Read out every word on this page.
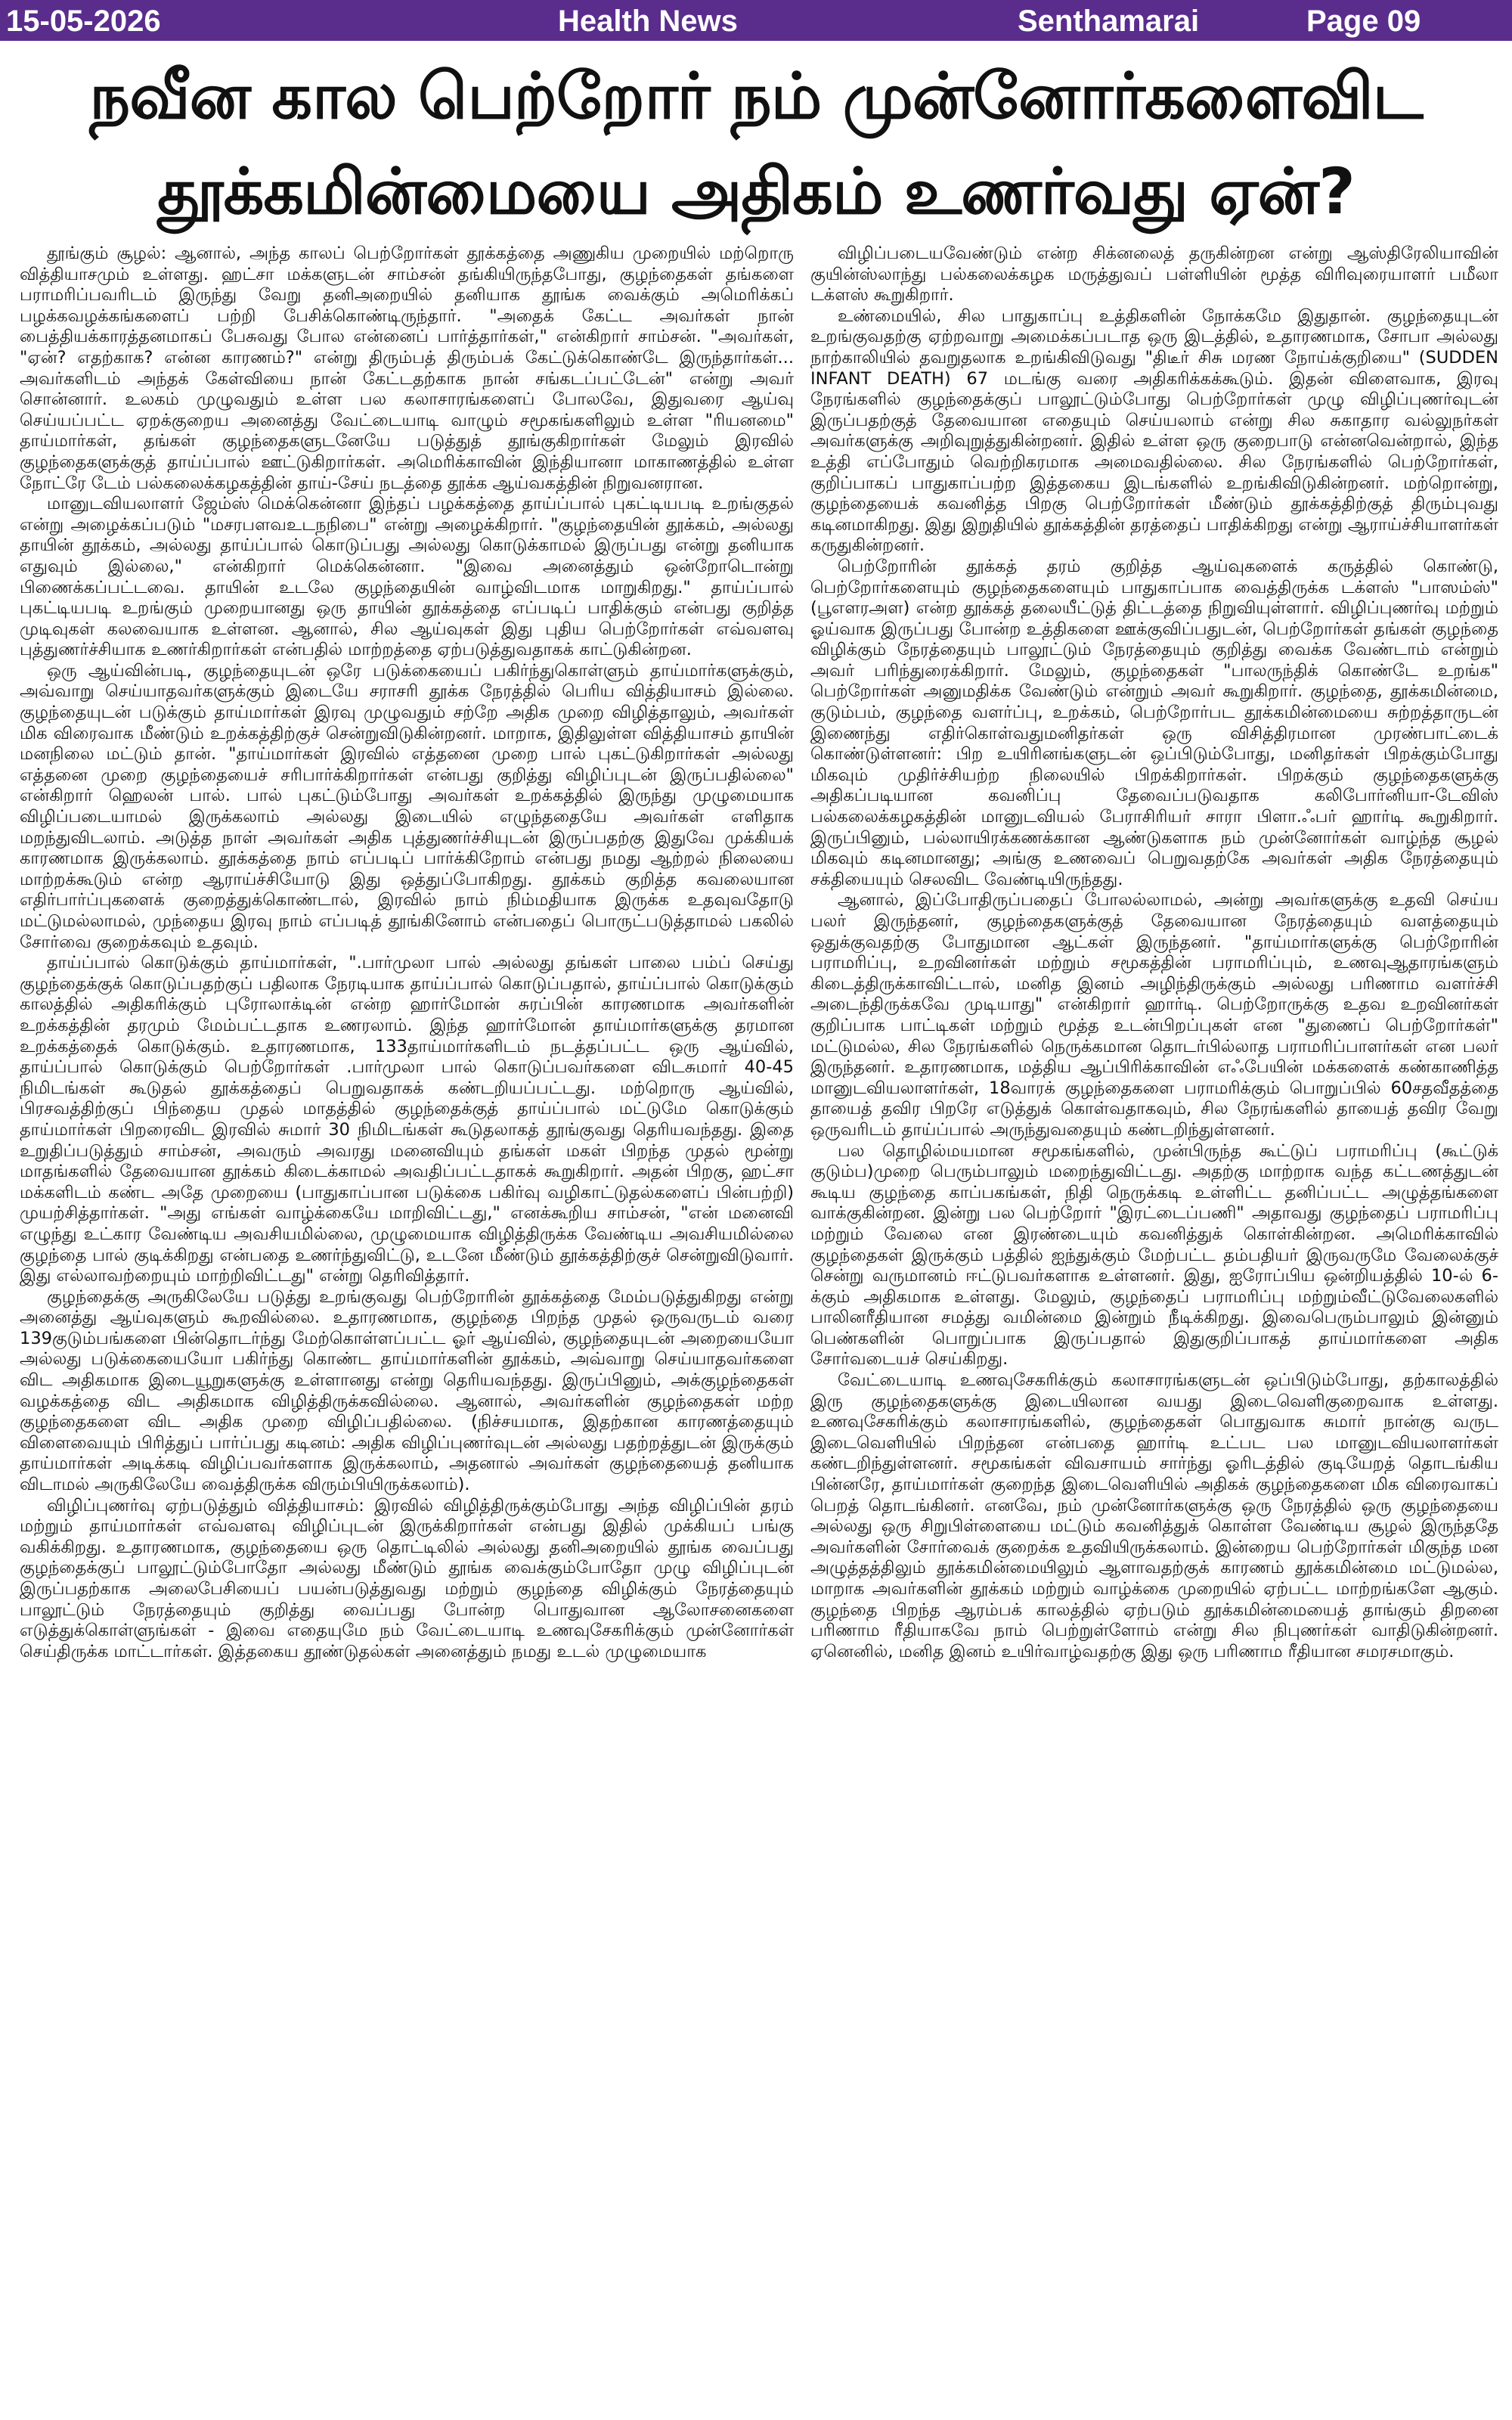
15-05-2026	Health News	Senthamarai	Page 09
நவீன கால பெற்றோர் நம் முன்னோர்களைவிட
தூக்கமின்மையை அதிகம் உணர்வது ஏன்?

தூங்கும் சூழல்: ஆனால், அந்த காலப் பெற்றோர்கள் தூக்கத்தை அணுகிய முறையில் மற்றொரு வித்தியாசமும் உள்ளது. ஹட்சா மக்களுடன் சாம்சன் தங்கியிருந்தபோது, குழந்தைகள் தங்களை பராமரிப்பவரிடம் இருந்து வேறு தனிஅறையில் தனியாக தூங்க வைக்கும் அமெரிக்கப் பழக்கவழக்கங்களைப் பற்றி பேசிக்கொண்டிருந்தார். "அதைக் கேட்ட அவர்கள் நான் பைத்தியக்காரத்தனமாகப் பேசுவது போல என்னைப் பார்த்தார்கள்," என்கிறார் சாம்சன். "அவர்கள், "ஏன்? எதற்காக? என்ன காரணம்?" என்று திரும்பத் திரும்பக் கேட்டுக்கொண்டே இருந்தார்கள்... அவர்களிடம் அந்தக் கேள்வியை நான் கேட்டதற்காக நான் சங்கடப்பட்டேன்" என்று அவர் சொன்னார். உலகம் முழுவதும் உள்ள பல கலாசாரங்களைப் போலவே, இதுவரை ஆய்வு செய்யப்பட்ட ஏறக்குறைய அனைத்து வேட்டையாடி வாழும் சமூகங்களிலும் உள்ள "ரியனமை" தாய்மார்கள், தங்கள் குழந்தைகளுடனேயே படுத்துத் தூங்குகிறார்கள் மேலும் இரவில் குழந்தைகளுக்குத் தாய்ப்பால் ஊட்டுகிறார்கள். அமெரிக்காவின் இந்தியானா மாகாணத்தில் உள்ள நோட்ரே டேம் பல்கலைக்கழகத்தின் தாய்-சேய் நடத்தை தூக்க ஆய்வகத்தின் நிறுவனரான.

மானுடவியலாளர் ஜேம்ஸ் மெக்கென்னா இந்தப் பழக்கத்தை தாய்ப்பால் புகட்டியபடி உறங்குதல் என்று அழைக்கப்படும் "மசரபளவஉடநநிபை" என்று அழைக்கிறார். "குழந்தையின் தூக்கம், அல்லது தாயின் தூக்கம், அல்லது தாய்ப்பால் கொடுப்பது அல்லது கொடுக்காமல் இருப்பது என்று தனியாக எதுவும் இல்லை," என்கிறார் மெக்கென்னா. "இவை அனைத்தும் ஒன்றோடொன்று பிணைக்கப்பட்டவை. தாயின் உடலே குழந்தையின் வாழ்விடமாக மாறுகிறது." தாய்ப்பால் புகட்டியபடி உறங்கும் முறையானது ஒரு தாயின் தூக்கத்தை எப்படிப் பாதிக்கும் என்பது குறித்த முடிவுகள் கலவையாக உள்ளன. ஆனால், சில ஆய்வுகள் இது புதிய பெற்றோர்கள் எவ்வளவு புத்துணர்ச்சியாக உணர்கிறார்கள் என்பதில் மாற்றத்தை ஏற்படுத்துவதாகக் காட்டுகின்றன.

ஒரு ஆய்வின்படி, குழந்தையுடன் ஒரே படுக்கையைப் பகிர்ந்துகொள்ளும் தாய்மார்களுக்கும், அவ்வாறு செய்யாதவர்களுக்கும் இடையே சராசரி தூக்க நேரத்தில் பெரிய வித்தியாசம் இல்லை. குழந்தையுடன் படுக்கும் தாய்மார்கள் இரவு முழுவதும் சற்றே அதிக முறை விழித்தாலும், அவர்கள் மிக விரைவாக மீண்டும் உறக்கத்திற்குச் சென்றுவிடுகின்றனர். மாறாக, இதிலுள்ள வித்தியாசம் தாயின் மனநிலை மட்டும் தான். "தாய்மார்கள் இரவில் எத்தனை முறை பால் புகட்டுகிறார்கள் அல்லது எத்தனை முறை குழந்தையைச் சரிபார்க்கிறார்கள் என்பது குறித்து விழிப்புடன் இருப்பதில்லை" என்கிறார் ஹெலன் பால். பால் புகட்டும்போது அவர்கள் உறக்கத்தில் இருந்து முழுமையாக விழிப்படையாமல் இருக்கலாம் அல்லது இடையில் எழுந்ததையே அவர்கள் எளிதாக மறந்துவிடலாம். அடுத்த நாள் அவர்கள் அதிக புத்துணர்ச்சியுடன் இருப்பதற்கு இதுவே முக்கியக் காரணமாக இருக்கலாம். தூக்கத்தை நாம் எப்படிப் பார்க்கிறோம் என்பது நமது ஆற்றல் நிலையை மாற்றக்கூடும் என்ற ஆராய்ச்சியோடு இது ஒத்துப்போகிறது. தூக்கம் குறித்த கவலையான எதிர்பார்ப்புகளைக் குறைத்துக்கொண்டால், இரவில் நாம் நிம்மதியாக இருக்க உதவுவதோடு மட்டுமல்லாமல், முந்தைய இரவு நாம் எப்படித் தூங்கினோம் என்பதைப் பொருட்படுத்தாமல் பகலில் சோர்வை குறைக்கவும் உதவும்.

தாய்ப்பால் கொடுக்கும் தாய்மார்கள், ".பார்முலா பால் அல்லது தங்கள் பாலை பம்ப் செய்து குழந்தைக்குக் கொடுப்பதற்குப் பதிலாக நேரடியாக தாய்ப்பால் கொடுப்பதால், தாய்ப்பால் கொடுக்கும் காலத்தில் அதிகரிக்கும் புரோலாக்டின் என்ற ஹார்மோன் சுரப்பின் காரணமாக அவர்களின் உறக்கத்தின் தரமும் மேம்பட்டதாக உணரலாம். இந்த ஹார்மோன் தாய்மார்களுக்கு தரமான உறக்கத்தைக் கொடுக்கும். உதாரணமாக, 133தாய்மார்களிடம் நடத்தப்பட்ட ஒரு ஆய்வில், தாய்ப்பால் கொடுக்கும் பெற்றோர்கள் .பார்முலா பால் கொடுப்பவர்களை விடசுமார் 40-45 நிமிடங்கள் கூடுதல் தூக்கத்தைப் பெறுவதாகக் கண்டறியப்பட்டது. மற்றொரு ஆய்வில், பிரசவத்திற்குப் பிந்தைய முதல் மாதத்தில் குழந்தைக்குத் தாய்ப்பால் மட்டுமே கொடுக்கும் தாய்மார்கள் பிறரைவிட இரவில் சுமார் 30 நிமிடங்கள் கூடுதலாகத் தூங்குவது தெரியவந்தது. இதை உறுதிப்படுத்தும் சாம்சன், அவரும் அவரது மனைவியும் தங்கள் மகள் பிறந்த முதல் மூன்று மாதங்களில் தேவையான தூக்கம் கிடைக்காமல் அவதிப்பட்டதாகக் கூறுகிறார். அதன் பிறகு, ஹட்சா மக்களிடம் கண்ட அதே முறையை (பாதுகாப்பான படுக்கை பகிர்வு வழிகாட்டுதல்களைப் பின்பற்றி) முயற்சித்தார்கள். "அது எங்கள் வாழ்க்கையே மாறிவிட்டது," எனக்கூறிய சாம்சன், "என் மனைவி எழுந்து உட்கார வேண்டிய அவசியமில்லை, முழுமையாக விழித்திருக்க வேண்டிய அவசியமில்லை குழந்தை பால் குடிக்கிறது என்பதை உணர்ந்துவிட்டு, உடனே மீண்டும் தூக்கத்திற்குச் சென்றுவிடுவார். இது எல்லாவற்றையும் மாற்றிவிட்டது" என்று தெரிவித்தார்.

குழந்தைக்கு அருகிலேயே படுத்து உறங்குவது பெற்றோரின் தூக்கத்தை மேம்படுத்துகிறது என்று அனைத்து ஆய்வுகளும் கூறவில்லை. உதாரணமாக, குழந்தை பிறந்த முதல் ஒருவருடம் வரை 139குடும்பங்களை பின்தொடர்ந்து மேற்கொள்ளப்பட்ட ஓர் ஆய்வில், குழந்தையுடன் அறையையோ அல்லது படுக்கையையோ பகிர்ந்து கொண்ட தாய்மார்களின் தூக்கம், அவ்வாறு செய்யாதவர்களை விட அதிகமாக இடையூறுகளுக்கு உள்ளானது என்று தெரியவந்தது. இருப்பினும், அக்குழந்தைகள் வழக்கத்தை விட அதிகமாக விழித்திருக்கவில்லை. ஆனால், அவர்களின் குழந்தைகள் மற்ற குழந்தைகளை விட அதிக முறை விழிப்பதில்லை. (நிச்சயமாக, இதற்கான காரணத்தையும் விளைவையும் பிரித்துப் பார்ப்பது கடினம்: அதிக விழிப்புணர்வுடன் அல்லது பதற்றத்துடன் இருக்கும் தாய்மார்கள் அடிக்கடி விழிப்பவர்களாக இருக்கலாம், அதனால் அவர்கள் குழந்தையைத் தனியாக விடாமல் அருகிலேயே வைத்திருக்க விரும்பியிருக்கலாம்).

விழிப்புணர்வு ஏற்படுத்தும் வித்தியாசம்: இரவில் விழித்திருக்கும்போது அந்த விழிப்பின் தரம் மற்றும் தாய்மார்கள் எவ்வளவு விழிப்புடன் இருக்கிறார்கள் என்பது இதில் முக்கியப் பங்கு வகிக்கிறது. உதாரணமாக, குழந்தையை ஒரு தொட்டிலில் அல்லது தனிஅறையில் தூங்க வைப்பது குழந்தைக்குப் பாலூட்டும்போதோ அல்லது மீண்டும் தூங்க வைக்கும்போதோ முழு விழிப்புடன் இருப்பதற்காக அலைபேசியைப் பயன்படுத்துவது மற்றும் குழந்தை விழிக்கும் நேரத்தையும் பாலூட்டும் நேரத்தையும் குறித்து வைப்பது போன்ற பொதுவான ஆலோசனைகளை எடுத்துக்கொள்ளுங்கள் - இவை எதையுமே நம் வேட்டையாடி உணவுசேகரிக்கும் முன்னோர்கள் செய்திருக்க மாட்டார்கள். இத்தகைய தூண்டுதல்கள் அனைத்தும் நமது உடல் முழுமையாக

விழிப்படையவேண்டும் என்ற சிக்னலைத் தருகின்றன என்று ஆஸ்திரேலியாவின் குயின்ஸ்லாந்து பல்கலைக்கழக மருத்துவப் பள்ளியின் மூத்த விரிவுரையாளர் பமீலா டக்ளஸ் கூறுகிறார்.

உண்மையில், சில பாதுகாப்பு உத்திகளின் நோக்கமே இதுதான். குழந்தையுடன் உறங்குவதற்கு ஏற்றவாறு அமைக்கப்படாத ஒரு இடத்தில், உதாரணமாக, சோபா அல்லது நாற்காலியில் தவறுதலாக உறங்கிவிடுவது "திடீர் சிசு மரண நோய்க்குறியை" (SUDDEN INFANT DEATH) 67 மடங்கு வரை அதிகரிக்கக்கூடும். இதன் விளைவாக, இரவு நேரங்களில் குழந்தைக்குப் பாலூட்டும்போது பெற்றோர்கள் முழு விழிப்புணர்வுடன் இருப்பதற்குத் தேவையான எதையும் செய்யலாம் என்று சில சுகாதார வல்லுநர்கள் அவர்களுக்கு அறிவுறுத்துகின்றனர். இதில் உள்ள ஒரு குறைபாடு என்னவென்றால், இந்த உத்தி எப்போதும் வெற்றிகரமாக அமைவதில்லை. சில நேரங்களில் பெற்றோர்கள், குறிப்பாகப் பாதுகாப்பற்ற இத்தகைய இடங்களில் உறங்கிவிடுகின்றனர். மற்றொன்று, குழந்தையைக் கவனித்த பிறகு பெற்றோர்கள் மீண்டும் தூக்கத்திற்குத் திரும்புவது கடினமாகிறது. இது இறுதியில் தூக்கத்தின் தரத்தைப் பாதிக்கிறது என்று ஆராய்ச்சியாளர்கள் கருதுகின்றனர்.

பெற்றோரின் தூக்கத் தரம் குறித்த ஆய்வுகளைக் கருத்தில் கொண்டு, பெற்றோர்களையும் குழந்தைகளையும் பாதுகாப்பாக வைத்திருக்க டக்ளஸ் "பாஸம்ஸ்" (பூஎளரஅள) என்ற தூக்கத் தலையீட்டுத் திட்டத்தை நிறுவியுள்ளார். விழிப்புணர்வு மற்றும் ஓய்வாக இருப்பது போன்ற உத்திகளை ஊக்குவிப்பதுடன், பெற்றோர்கள் தங்கள் குழந்தை விழிக்கும் நேரத்தையும் பாலூட்டும் நேரத்தையும் குறித்து வைக்க வேண்டாம் என்றும் அவர் பரிந்துரைக்கிறார். மேலும், குழந்தைகள் "பாலருந்திக் கொண்டே உறங்க" பெற்றோர்கள் அனுமதிக்க வேண்டும் என்றும் அவர் கூறுகிறார். குழந்தை, தூக்கமின்மை, குடும்பம், குழந்தை வளர்ப்பு, உறக்கம், பெற்றோர்பட தூக்கமின்மையை சுற்றத்தாருடன் இணைந்து எதிர்கொள்வதுமனிதர்கள் ஒரு விசித்திரமான முரண்பாட்டைக் கொண்டுள்ளனர்: பிற உயிரினங்களுடன் ஒப்பிடும்போது, மனிதர்கள் பிறக்கும்போது மிகவும் முதிர்ச்சியற்ற நிலையில் பிறக்கிறார்கள். பிறக்கும் குழந்தைகளுக்கு அதிகப்படியான கவனிப்பு தேவைப்படுவதாக கலிபோர்னியா-டேவிஸ் பல்கலைக்கழகத்தின் மானுடவியல் பேராசிரியர் சாரா பிளா.ஃபர் ஹார்டி கூறுகிறார். இருப்பினும், பல்லாயிரக்கணக்கான ஆண்டுகளாக நம் முன்னோர்கள் வாழ்ந்த சூழல் மிகவும் கடினமானது; அங்கு உணவைப் பெறுவதற்கே அவர்கள் அதிக நேரத்தையும் சக்தியையும் செலவிட வேண்டியிருந்தது.

ஆனால், இப்போதிருப்பதைப் போலல்லாமல், அன்று அவர்களுக்கு உதவி செய்ய பலர் இருந்தனர், குழந்தைகளுக்குத் தேவையான நேரத்தையும் வளத்தையும் ஒதுக்குவதற்கு போதுமான ஆட்கள் இருந்தனர். "தாய்மார்களுக்கு பெற்றோரின் பராமரிப்பு, உறவினர்கள் மற்றும் சமூகத்தின் பராமரிப்பும், உணவுஆதாரங்களும் கிடைத்திருக்காவிட்டால், மனித இனம் அழிந்திருக்கும் அல்லது பரிணாம வளர்ச்சி அடைந்திருக்கவே முடியாது" என்கிறார் ஹார்டி. பெற்றோருக்கு உதவ உறவினர்கள் குறிப்பாக பாட்டிகள் மற்றும் மூத்த உடன்பிறப்புகள் என "துணைப் பெற்றோர்கள்" மட்டுமல்ல, சில நேரங்களில் நெருக்கமான தொடர்பில்லாத பராமரிப்பாளர்கள் என பலர் இருந்தனர். உதாரணமாக, மத்திய ஆப்பிரிக்காவின் எஃபேயின் மக்களைக் கண்காணித்த மானுடவியலாளர்கள், 18வாரக் குழந்தைகளை பராமரிக்கும் பொறுப்பில் 60சதவீதத்தை தாயைத் தவிர பிறரே எடுத்துக் கொள்வதாகவும், சில நேரங்களில் தாயைத் தவிர வேறு ஒருவரிடம் தாய்ப்பால் அருந்துவதையும் கண்டறிந்துள்ளனர்.

பல தொழில்மயமான சமூகங்களில், முன்பிருந்த கூட்டுப் பராமரிப்பு (கூட்டுக் குடும்ப)முறை பெரும்பாலும் மறைந்துவிட்டது. அதற்கு மாற்றாக வந்த கட்டணத்துடன் கூடிய குழந்தை காப்பகங்கள், நிதி நெருக்கடி உள்ளிட்ட தனிப்பட்ட அழுத்தங்களை வாக்குகின்றன. இன்று பல பெற்றோர் "இரட்டைப்பணி" அதாவது குழந்தைப் பராமரிப்பு மற்றும் வேலை என இரண்டையும் கவனித்துக் கொள்கின்றன. அமெரிக்காவில் குழந்தைகள் இருக்கும் பத்தில் ஐந்துக்கும் மேற்பட்ட தம்பதியர் இருவருமே வேலைக்குச் சென்று வருமானம் ஈட்டுபவர்களாக உள்ளனர். இது, ஐரோப்பிய ஒன்றியத்தில் 10-ல் 6-க்கும் அதிகமாக உள்ளது. மேலும், குழந்தைப் பராமரிப்பு மற்றும்வீட்டுவேலைகளில் பாலினரீதியான சமத்து வமின்மை இன்றும் நீடிக்கிறது. இவைபெரும்பாலும் இன்னும் பெண்களின் பொறுப்பாக இருப்பதால் இதுகுறிப்பாகத் தாய்மார்களை அதிக சோர்வடையச் செய்கிறது.

வேட்டையாடி உணவுசேகரிக்கும் கலாசாரங்களுடன் ஒப்பிடும்போது, தற்காலத்தில் இரு குழந்தைகளுக்கு இடையிலான வயது இடைவெளிகுறைவாக உள்ளது. உணவுசேகரிக்கும் கலாசாரங்களில், குழந்தைகள் பொதுவாக சுமார் நான்கு வருட இடைவெளியில் பிறந்தன என்பதை ஹார்டி உட்பட பல மானுடவியலாளர்கள் கண்டறிந்துள்ளனர். சமூகங்கள் விவசாயம் சார்ந்து ஓரிடத்தில் குடியேறத் தொடங்கிய பின்னரே, தாய்மார்கள் குறைந்த இடைவெளியில் அதிகக் குழந்தைகளை மிக விரைவாகப் பெறத் தொடங்கினர். எனவே, நம் முன்னோர்களுக்கு ஒரு நேரத்தில் ஒரு குழந்தையை அல்லது ஒரு சிறுபிள்ளையை மட்டும் கவனித்துக் கொள்ள வேண்டிய சூழல் இருந்ததே அவர்களின் சோர்வைக் குறைக்க உதவியிருக்கலாம். இன்றைய பெற்றோர்கள் மிகுந்த மன அழுத்தத்திலும் தூக்கமின்மையிலும் ஆளாவதற்குக் காரணம் தூக்கமின்மை மட்டுமல்ல, மாறாக அவர்களின் தூக்கம் மற்றும் வாழ்க்கை முறையில் ஏற்பட்ட மாற்றங்களே ஆகும். குழந்தை பிறந்த ஆரம்பக் காலத்தில் ஏற்படும் தூக்கமின்மையைத் தாங்கும் திறனை பரிணாம ரீதியாகவே நாம் பெற்றுள்ளோம் என்று சில நிபுணர்கள் வாதிடுகின்றனர். ஏனெனில், மனித இனம் உயிர்வாழ்வதற்கு இது ஒரு பரிணாம ரீதியான சமரசமாகும்.
